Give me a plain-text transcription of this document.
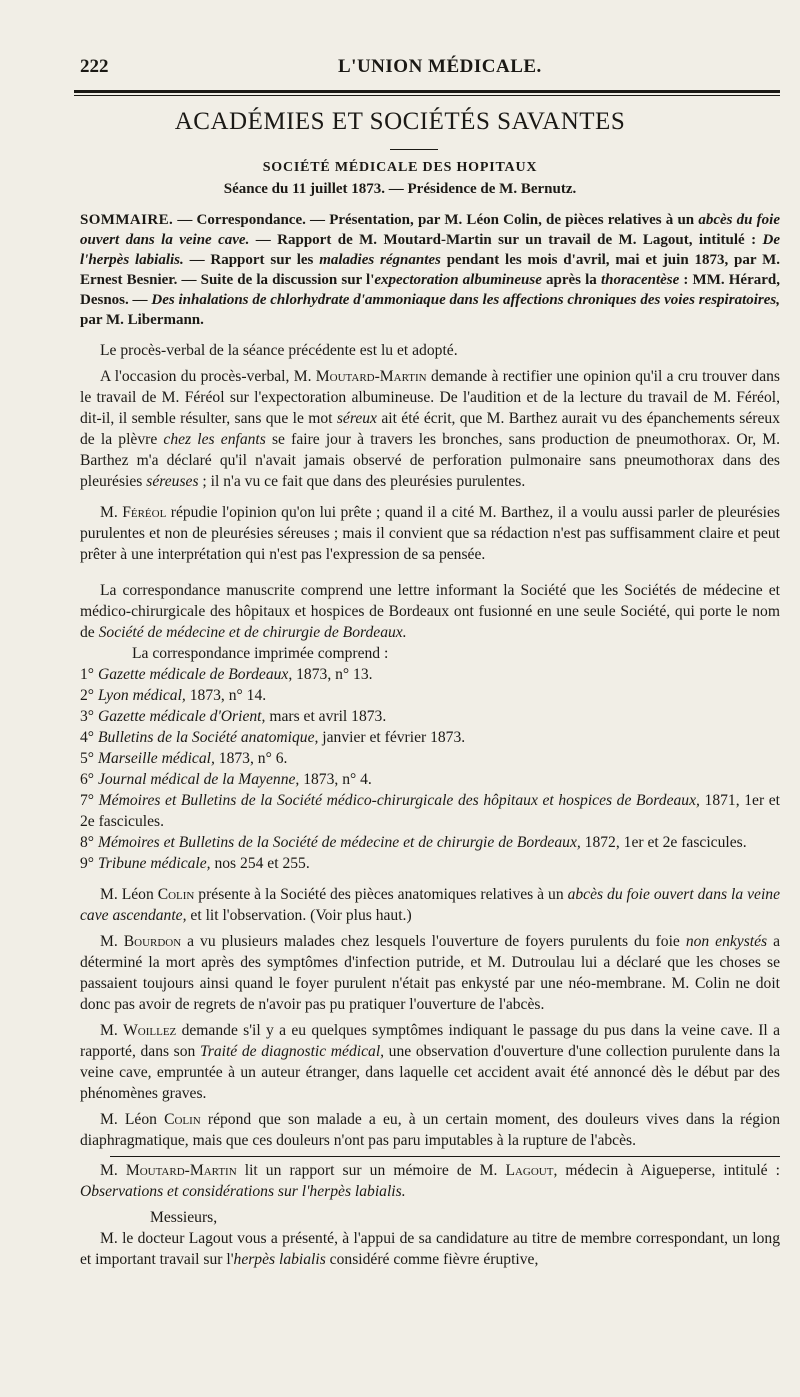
222	L'UNION MÉDICALE.
ACADÉMIES ET SOCIÉTÉS SAVANTES
SOCIÉTÉ MÉDICALE DES HOPITAUX
Séance du 11 juillet 1873. — Présidence de M. Bernutz.

SOMMAIRE. — Correspondance. — Présentation, par M. Léon Colin, de pièces relatives à un abcès du foie ouvert dans la veine cave. — Rapport de M. Moutard-Martin sur un travail de M. Lagout, intitulé : De l'herpès labialis. — Rapport sur les maladies régnantes pendant les mois d'avril, mai et juin 1873, par M. Ernest Besnier. — Suite de la discussion sur l'expectoration albumineuse après la thoracentèse : MM. Hérard, Desnos. — Des inhalations de chlorhydrate d'ammoniaque dans les affections chroniques des voies respiratoires, par M. Libermann.

Le procès-verbal de la séance précédente est lu et adopté.

A l'occasion du procès-verbal, M. Moutard-Martin demande à rectifier une opinion qu'il a cru trouver dans le travail de M. Féréol sur l'expectoration albumineuse. De l'audition et de la lecture du travail de M. Féréol, dit-il, il semble résulter, sans que le mot séreux ait été écrit, que M. Barthez aurait vu des épanchements séreux de la plèvre chez les enfants se faire jour à travers les bronches, sans production de pneumothorax. Or, M. Barthez m'a déclaré qu'il n'avait jamais observé de perforation pulmonaire sans pneumothorax dans des pleurésies séreuses ; il n'a vu ce fait que dans des pleurésies purulentes.

M. Féréol répudie l'opinion qu'on lui prête ; quand il a cité M. Barthez, il a voulu aussi parler de pleurésies purulentes et non de pleurésies séreuses ; mais il convient que sa rédaction n'est pas suffisamment claire et peut prêter à une interprétation qui n'est pas l'expression de sa pensée.

La correspondance manuscrite comprend une lettre informant la Société que les Sociétés de médecine et médico-chirurgicale des hôpitaux et hospices de Bordeaux ont fusionné en une seule Société, qui porte le nom de Société de médecine et de chirurgie de Bordeaux.

La correspondance imprimée comprend :

1° Gazette médicale de Bordeaux, 1873, n° 13.

2° Lyon médical, 1873, n° 14.

3° Gazette médicale d'Orient, mars et avril 1873.

4° Bulletins de la Société anatomique, janvier et février 1873.

5° Marseille médical, 1873, n° 6.

6° Journal médical de la Mayenne, 1873, n° 4.

7° Mémoires et Bulletins de la Société médico-chirurgicale des hôpitaux et hospices de Bordeaux, 1871, 1er et 2e fascicules.

8° Mémoires et Bulletins de la Société de médecine et de chirurgie de Bordeaux, 1872, 1er et 2e fascicules.

9° Tribune médicale, nos 254 et 255.

M. Léon Colin présente à la Société des pièces anatomiques relatives à un abcès du foie ouvert dans la veine cave ascendante, et lit l'observation. (Voir plus haut.)

M. Bourdon a vu plusieurs malades chez lesquels l'ouverture de foyers purulents du foie non enkystés a déterminé la mort après des symptômes d'infection putride, et M. Dutroulau lui a déclaré que les choses se passaient toujours ainsi quand le foyer purulent n'était pas enkysté par une néo-membrane. M. Colin ne doit donc pas avoir de regrets de n'avoir pas pu pratiquer l'ouverture de l'abcès.

M. Woillez demande s'il y a eu quelques symptômes indiquant le passage du pus dans la veine cave. Il a rapporté, dans son Traité de diagnostic médical, une observation d'ouverture d'une collection purulente dans la veine cave, empruntée à un auteur étranger, dans laquelle cet accident avait été annoncé dès le début par des phénomènes graves.

M. Léon Colin répond que son malade a eu, à un certain moment, des douleurs vives dans la région diaphragmatique, mais que ces douleurs n'ont pas paru imputables à la rupture de l'abcès.

M. Moutard-Martin lit un rapport sur un mémoire de M. Lagout, médecin à Aigueperse, intitulé : Observations et considérations sur l'herpès labialis.

Messieurs,

M. le docteur Lagout vous a présenté, à l'appui de sa candidature au titre de membre correspondant, un long et important travail sur l'herpès labialis considéré comme fièvre éruptive,
